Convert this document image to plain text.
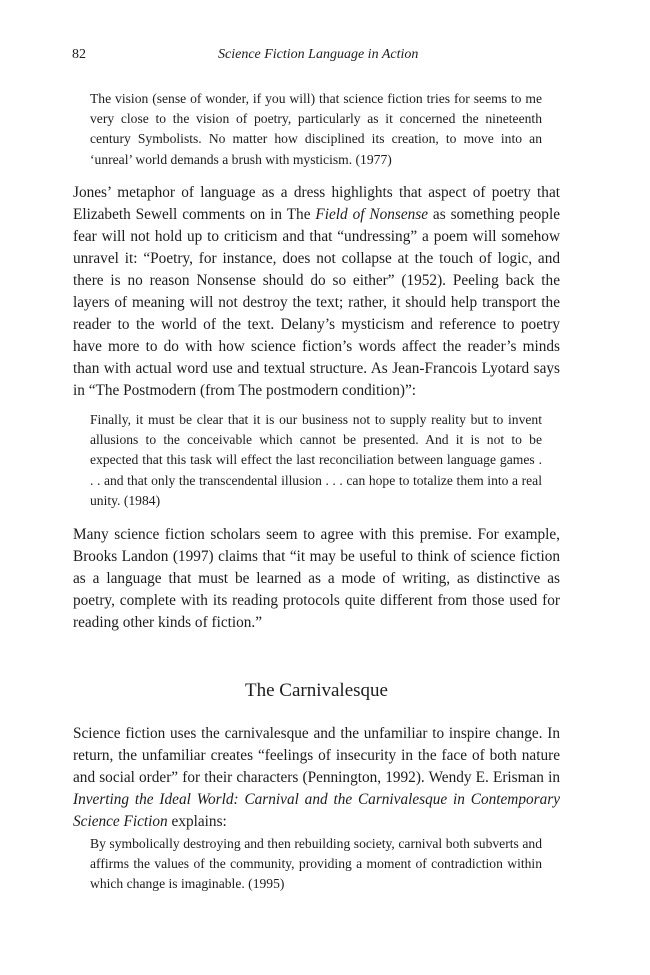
82	Science Fiction Language in Action

The vision (sense of wonder, if you will) that science fiction tries for seems to me very close to the vision of poetry, particularly as it concerned the nineteenth century Symbolists. No matter how disciplined its creation, to move into an ‘unreal’ world demands a brush with mysticism. (1977)

Jones’ metaphor of language as a dress highlights that aspect of poetry that Elizabeth Sewell comments on in The Field of Nonsense as something people fear will not hold up to criticism and that “undressing” a poem will somehow unravel it: “Poetry, for instance, does not collapse at the touch of logic, and there is no reason Nonsense should do so either” (1952). Peeling back the layers of meaning will not destroy the text; rather, it should help transport the reader to the world of the text. Delany’s mysticism and reference to poetry have more to do with how science fiction’s words affect the reader’s minds than with actual word use and textual structure. As Jean-Francois Lyotard says in “The Postmodern (from The postmodern condition)”:

Finally, it must be clear that it is our business not to supply reality but to invent allusions to the conceivable which cannot be presented. And it is not to be expected that this task will effect the last reconciliation between language games . . . and that only the transcendental illusion . . . can hope to totalize them into a real unity. (1984)

Many science fiction scholars seem to agree with this premise. For example, Brooks Landon (1997) claims that “it may be useful to think of science fiction as a language that must be learned as a mode of writing, as distinctive as poetry, complete with its reading protocols quite different from those used for reading other kinds of fiction.”

The Carnivalesque

Science fiction uses the carnivalesque and the unfamiliar to inspire change. In return, the unfamiliar creates “feelings of insecurity in the face of both nature and social order” for their characters (Pennington, 1992). Wendy E. Erisman in Inverting the Ideal World: Carnival and the Carnivalesque in Contemporary Science Fiction explains:

By symbolically destroying and then rebuilding society, carnival both subverts and affirms the values of the community, providing a moment of contradiction within which change is imaginable. (1995)
